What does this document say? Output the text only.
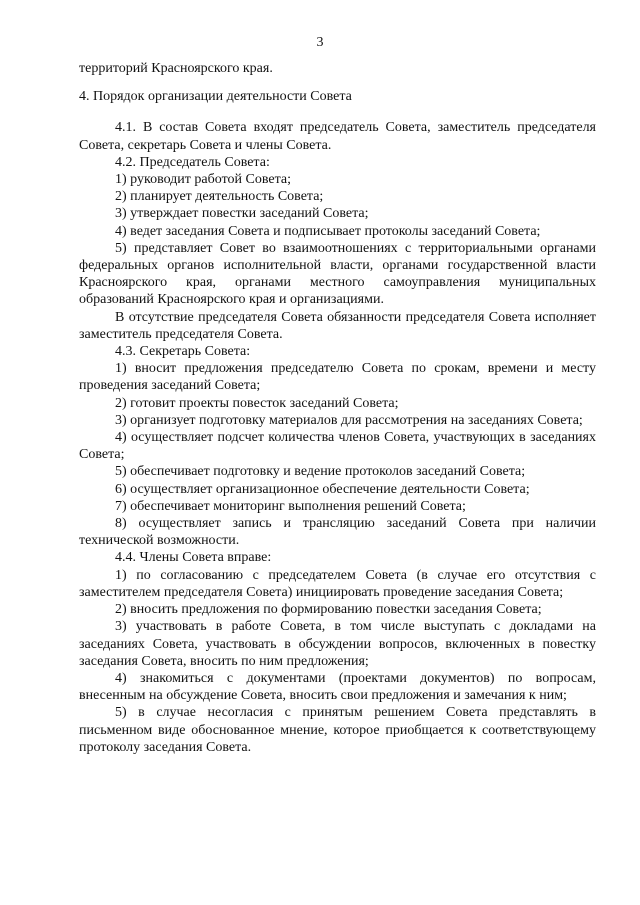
3

территорий Красноярского края.

4. Порядок организации деятельности Совета

4.1. В состав Совета входят председатель Совета, заместитель председателя Совета, секретарь Совета и члены Совета.

4.2. Председатель Совета:

1) руководит работой Совета;

2) планирует деятельность Совета;

3) утверждает повестки заседаний Совета;

4) ведет заседания Совета и подписывает протоколы заседаний Совета;

5) представляет Совет во взаимоотношениях с территориальными органами федеральных органов исполнительной власти, органами государственной власти Красноярского края, органами местного самоуправления муниципальных образований Красноярского края и организациями.

В отсутствие председателя Совета обязанности председателя Совета исполняет заместитель председателя Совета.

4.3. Секретарь Совета:

1) вносит предложения председателю Совета по срокам, времени и месту проведения заседаний Совета;

2) готовит проекты повесток заседаний Совета;

3) организует подготовку материалов для рассмотрения на заседаниях Совета;

4) осуществляет подсчет количества членов Совета, участвующих в заседаниях Совета;

5) обеспечивает подготовку и ведение протоколов заседаний Совета;

6) осуществляет организационное обеспечение деятельности Совета;

7) обеспечивает мониторинг выполнения решений Совета;

8) осуществляет запись и трансляцию заседаний Совета при наличии технической возможности.

4.4. Члены Совета вправе:

1) по согласованию с председателем Совета (в случае его отсутствия с заместителем председателя Совета) инициировать проведение заседания Совета;

2) вносить предложения по формированию повестки заседания Совета;

3) участвовать в работе Совета, в том числе выступать с докладами на заседаниях Совета, участвовать в обсуждении вопросов, включенных в повестку заседания Совета, вносить по ним предложения;

4) знакомиться с документами (проектами документов) по вопросам, внесенным на обсуждение Совета, вносить свои предложения и замечания к ним;

5) в случае несогласия с принятым решением Совета представлять в письменном виде обоснованное мнение, которое приобщается к соответствующему протоколу заседания Совета.
